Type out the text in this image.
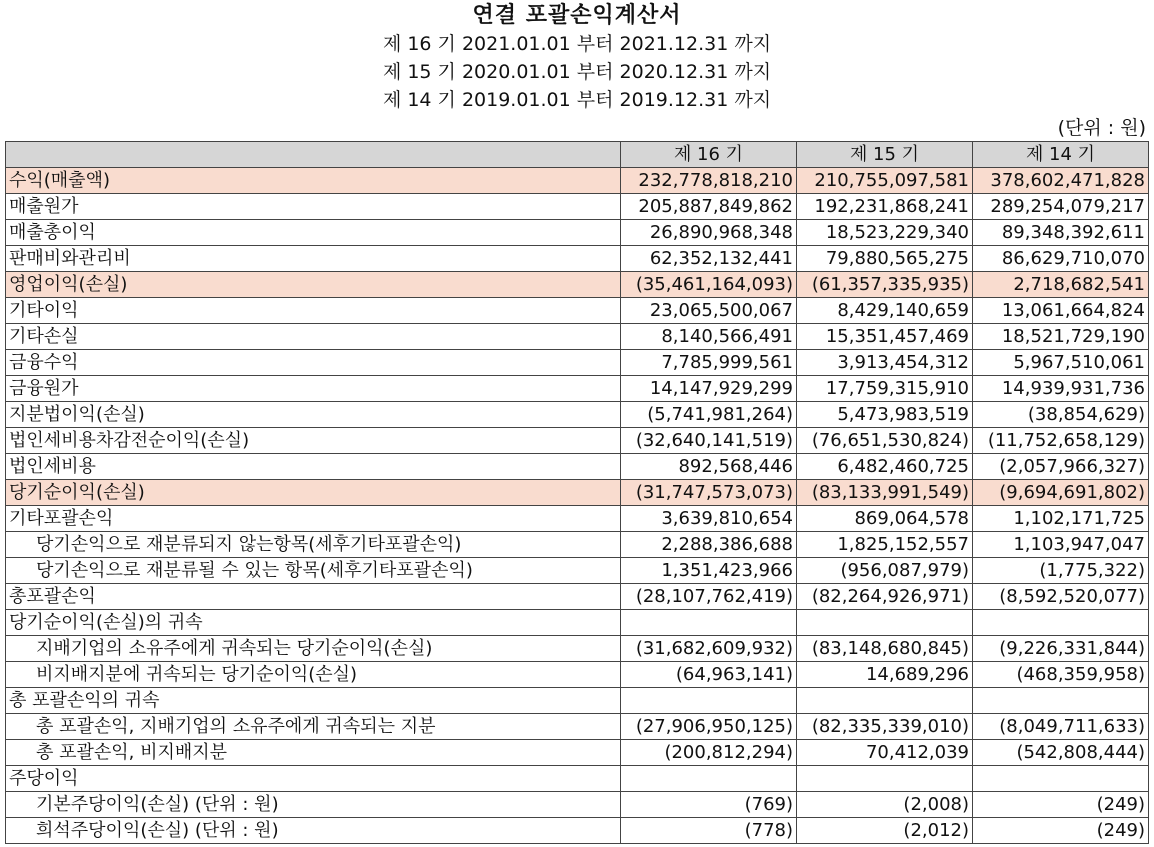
연결 포괄손익계산서
제 16 기 2021.01.01 부터 2021.12.31 까지
제 15 기 2020.01.01 부터 2020.12.31 까지
제 14 기 2019.01.01 부터 2019.12.31 까지
(단위 : 원)
	제 16 기	제 15 기	제 14 기
수익(매출액)	232,778,818,210	210,755,097,581	378,602,471,828
매출원가	205,887,849,862	192,231,868,241	289,254,079,217
매출총이익	26,890,968,348	18,523,229,340	89,348,392,611
판매비와관리비	62,352,132,441	79,880,565,275	86,629,710,070
영업이익(손실)	(35,461,164,093)	(61,357,335,935)	2,718,682,541
기타이익	23,065,500,067	8,429,140,659	13,061,664,824
기타손실	8,140,566,491	15,351,457,469	18,521,729,190
금융수익	7,785,999,561	3,913,454,312	5,967,510,061
금융원가	14,147,929,299	17,759,315,910	14,939,931,736
지분법이익(손실)	(5,741,981,264)	5,473,983,519	(38,854,629)
법인세비용차감전순이익(손실)	(32,640,141,519)	(76,651,530,824)	(11,752,658,129)
법인세비용	892,568,446	6,482,460,725	(2,057,966,327)
당기순이익(손실)	(31,747,573,073)	(83,133,991,549)	(9,694,691,802)
기타포괄손익	3,639,810,654	869,064,578	1,102,171,725
당기손익으로 재분류되지 않는항목(세후기타포괄손익)	2,288,386,688	1,825,152,557	1,103,947,047
당기손익으로 재분류될 수 있는 항목(세후기타포괄손익)	1,351,423,966	(956,087,979)	(1,775,322)
총포괄손익	(28,107,762,419)	(82,264,926,971)	(8,592,520,077)
당기순이익(손실)의 귀속			
지배기업의 소유주에게 귀속되는 당기순이익(손실)	(31,682,609,932)	(83,148,680,845)	(9,226,331,844)
비지배지분에 귀속되는 당기순이익(손실)	(64,963,141)	14,689,296	(468,359,958)
총 포괄손익의 귀속			
총 포괄손익, 지배기업의 소유주에게 귀속되는 지분	(27,906,950,125)	(82,335,339,010)	(8,049,711,633)
총 포괄손익, 비지배지분	(200,812,294)	70,412,039	(542,808,444)
주당이익			
기본주당이익(손실) (단위 : 원)	(769)	(2,008)	(249)
희석주당이익(손실) (단위 : 원)	(778)	(2,012)	(249)
